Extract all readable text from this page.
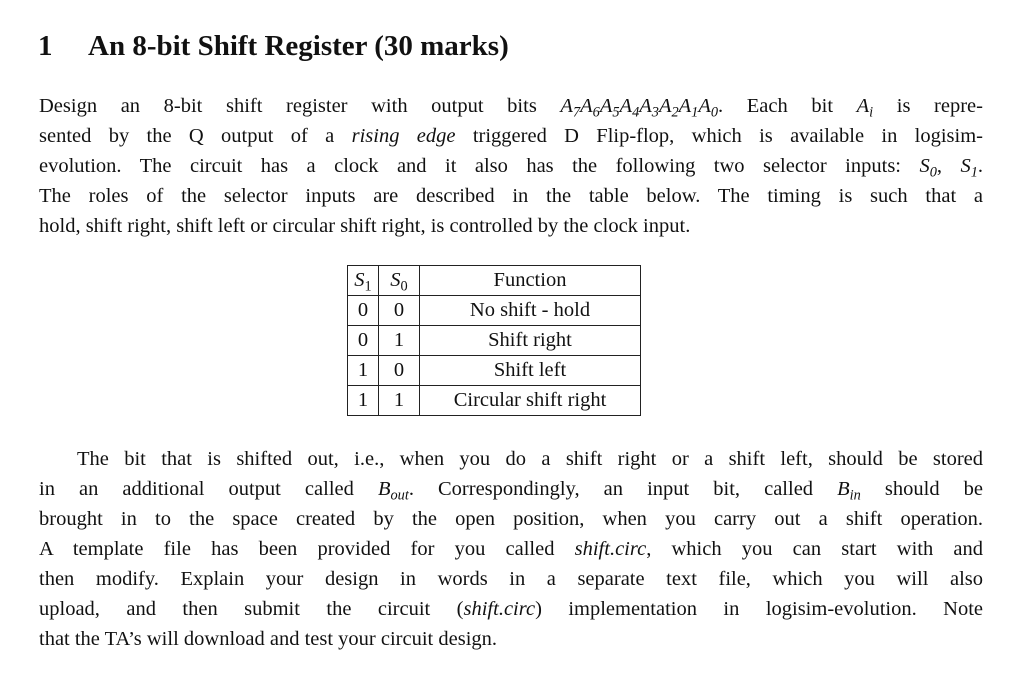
1 An 8-bit Shift Register (30 marks)
Design an 8-bit shift register with output bits $A_7A_6A_5A_4A_3A_2A_1A_0$. Each bit $A_i$ is repre-
sented by the Q output of a rising edge triggered D Flip-flop, which is available in logisim-
evolution. The circuit has a clock and it also has the following two selector inputs: $S_0$, $S_1$.
The roles of the selector inputs are described in the table below. The timing is such that a
hold, shift right, shift left or circular shift right, is controlled by the clock input.
$S_1$	$S_0$	Function
0	0	No shift - hold
0	1	Shift right
1	0	Shift left
1	1	Circular shift right
The bit that is shifted out, i.e., when you do a shift right or a shift left, should be stored
in an additional output called $B_{out}$. Correspondingly, an input bit, called $B_{in}$ should be
brought in to the space created by the open position, when you carry out a shift operation.
A template file has been provided for you called shift.circ, which you can start with and
then modify. Explain your design in words in a separate text file, which you will also
upload, and then submit the circuit (shift.circ) implementation in logisim-evolution. Note
that the TA’s will download and test your circuit design.
